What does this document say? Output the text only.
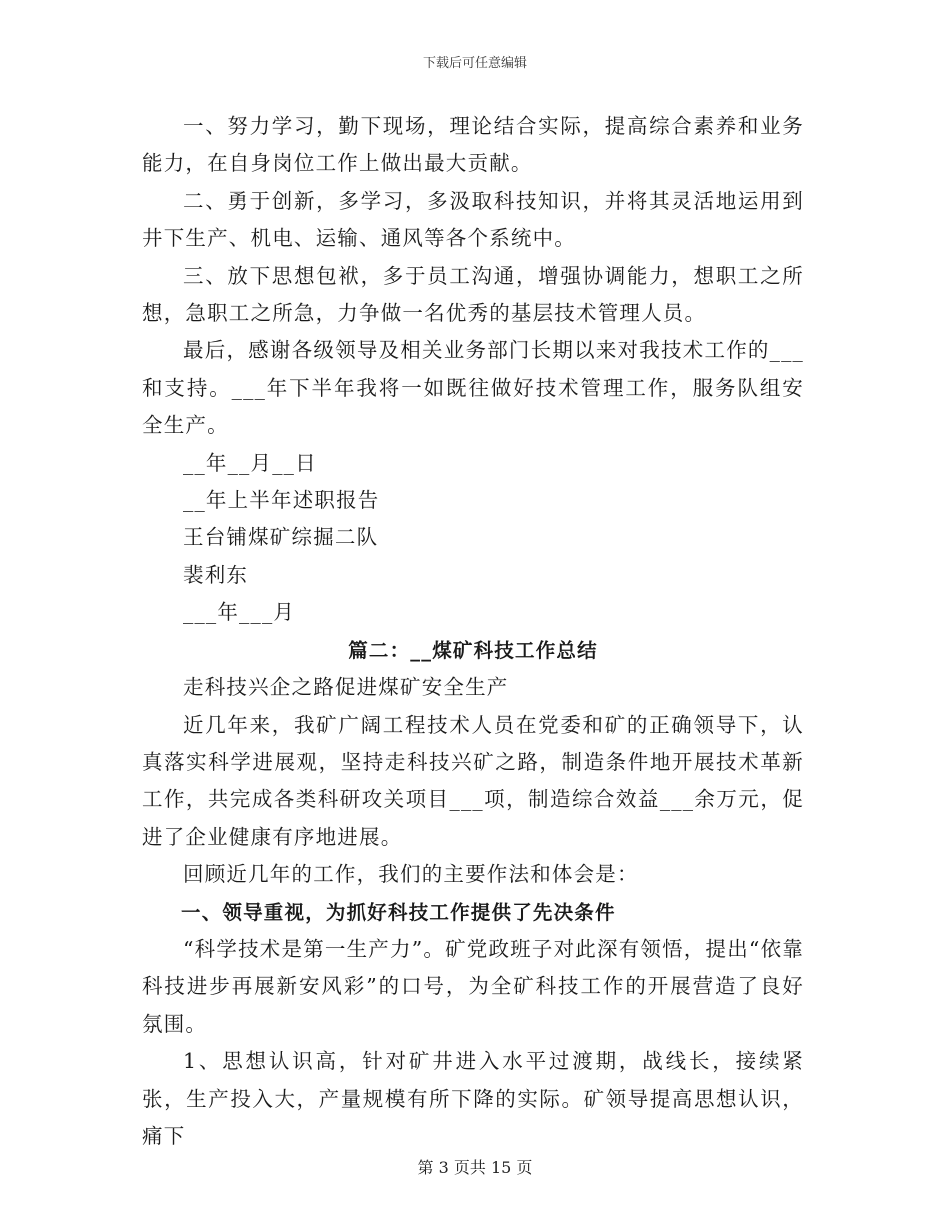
下载后可任意编辑

一、努力学习，勤下现场，理论结合实际，提高综合素养和业务能力，在自身岗位工作上做出最大贡献。

二、勇于创新，多学习，多汲取科技知识，并将其灵活地运用到井下生产、机电、运输、通风等各个系统中。

三、放下思想包袱，多于员工沟通，增强协调能力，想职工之所想，急职工之所急，力争做一名优秀的基层技术管理人员。

最后，感谢各级领导及相关业务部门长期以来对我技术工作的___和支持。___年下半年我将一如既往做好技术管理工作，服务队组安全生产。

__年__月__日

__年上半年述职报告

王台铺煤矿综掘二队

裴利东

___年___月

篇二：__煤矿科技工作总结

走科技兴企之路促进煤矿安全生产

近几年来，我矿广阔工程技术人员在党委和矿的正确领导下，认真落实科学进展观，坚持走科技兴矿之路，制造条件地开展技术革新工作，共完成各类科研攻关项目___项，制造综合效益___余万元，促进了企业健康有序地进展。

回顾近几年的工作，我们的主要作法和体会是：

一、领导重视，为抓好科技工作提供了先决条件

“科学技术是第一生产力”。矿党政班子对此深有领悟，提出“依靠科技进步再展新安风彩”的口号，为全矿科技工作的开展营造了良好氛围。

1、思想认识高，针对矿井进入水平过渡期，战线长，接续紧张，生产投入大，产量规模有所下降的实际。矿领导提高思想认识，痛下

第 3 页共 15 页
